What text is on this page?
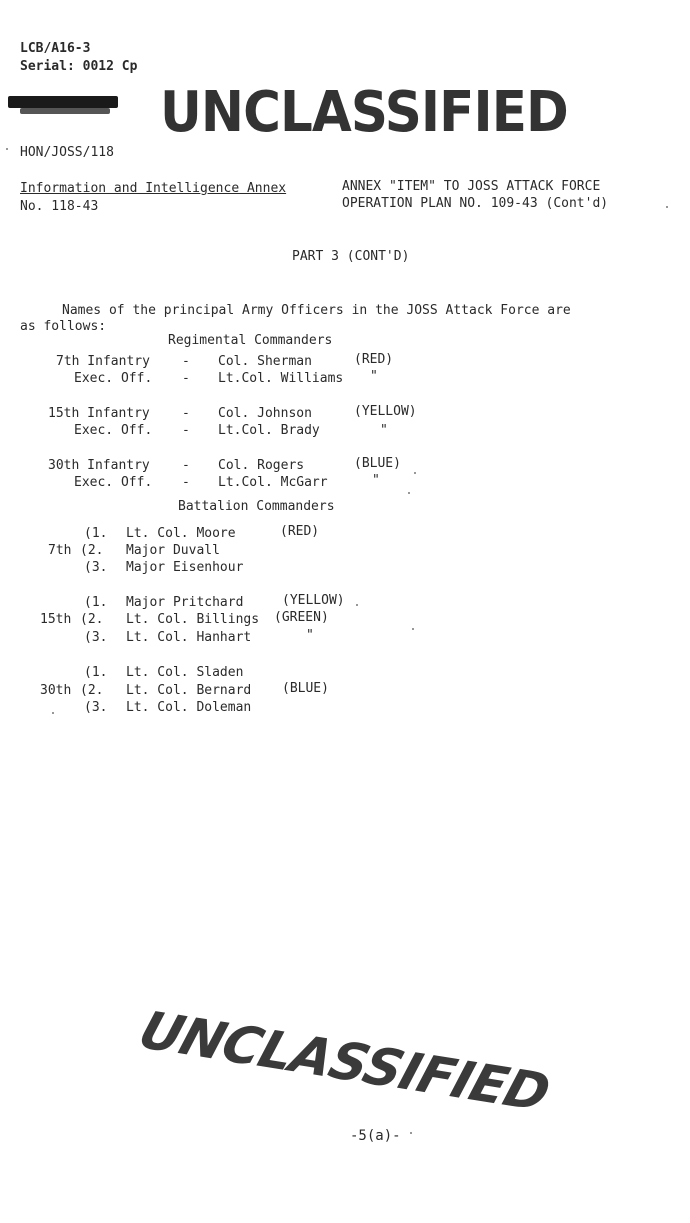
LCB/A16-3
Serial: 0012 Cp
UNCLASSIFIED
HON/JOSS/118
Information and Intelligence Annex
No. 118-43
ANNEX "ITEM" TO JOSS ATTACK FORCE
OPERATION PLAN NO. 109-43 (Cont'd)
PART 3 (CONT'D)
Names of the principal Army Officers in the JOSS Attack Force are
as follows:
Regimental Commanders
7th Infantry - Col. Sherman	(RED)
Exec. Off. - Lt.Col. Williams "
15th Infantry - Col. Johnson	(YELLOW)
Exec. Off. - Lt.Col. Brady	"
30th Infantry - Col. Rogers	(BLUE)
Exec. Off. - Lt.Col. McGarr	"
Battalion Commanders
(1. Lt. Col. Moore	(RED)
7th (2. Major Duvall
(3. Major Eisenhour
(1. Major Pritchard	(YELLOW)
15th (2. Lt. Col. Billings (GREEN)
(3. Lt. Col. Hanhart	"
(1. Lt. Col. Sladen
30th (2. Lt. Col. Bernard (BLUE)
(3. Lt. Col. Doleman
UNCLASSIFIED
-5(a)-
